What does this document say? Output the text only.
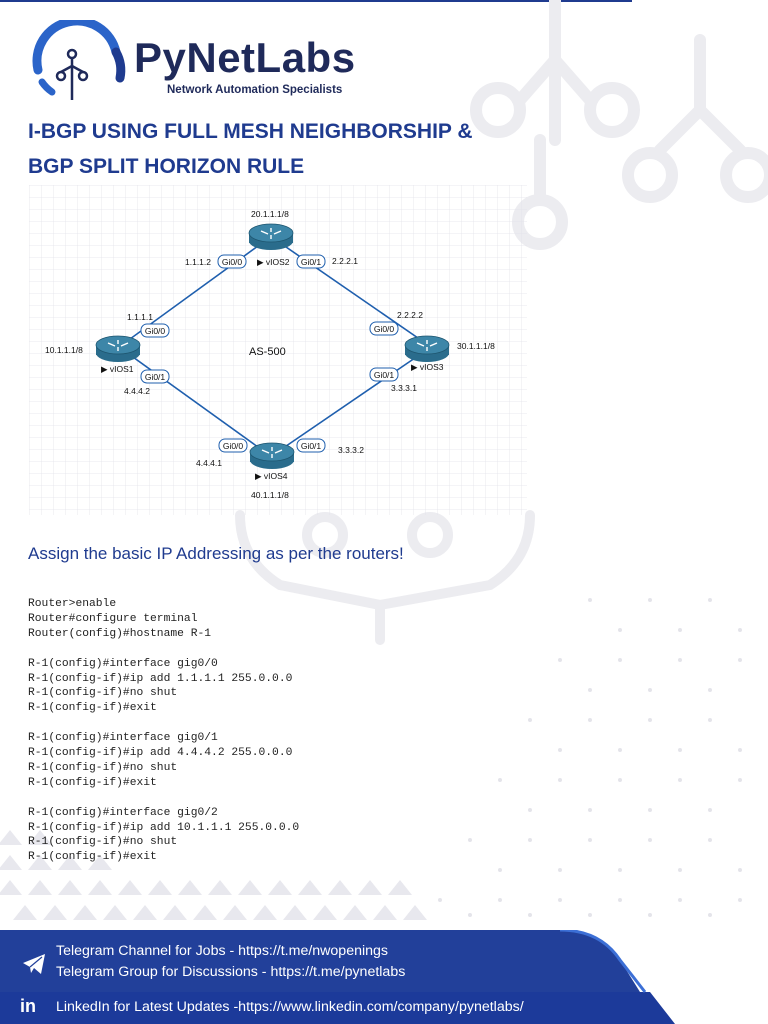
PyNetLabs
Network Automation Specialists
I-BGP USING FULL MESH NEIGHBORSHIP &
BGP SPLIT HORIZON RULE
Gi0/0	Gi0/1
Gi0/0
Gi0/1
Gi0/0
Gi0/1
Gi0/0	Gi0/1
1.1.1.2	2.2.2.1
1.1.1.1
4.4.4.2
2.2.2.2
3.3.3.1
4.4.4.1
3.3.3.2
20.1.1.1/8
10.1.1.1/8	30.1.1.1/8
40.1.1.1/8
▶ vIOS2
▶ vIOS1	▶ vIOS3
▶ vIOS4
AS-500
Assign the basic IP Addressing as per the routers!
Router>enable
Router#configure terminal
Router(config)#hostname R-1
R-1(config)#interface gig0/0
R-1(config-if)#ip add 1.1.1.1 255.0.0.0
R-1(config-if)#no shut
R-1(config-if)#exit
R-1(config)#interface gig0/1
R-1(config-if)#ip add 4.4.4.2 255.0.0.0
R-1(config-if)#no shut
R-1(config-if)#exit
R-1(config)#interface gig0/2
R-1(config-if)#ip add 10.1.1.1 255.0.0.0
R-1(config-if)#no shut
R-1(config-if)#exit
Telegram Channel for Jobs - https://t.me/nwopenings
Telegram Group for Discussions - https://t.me/pynetlabs
in	LinkedIn for Latest Updates -https://www.linkedin.com/company/pynetlabs/
